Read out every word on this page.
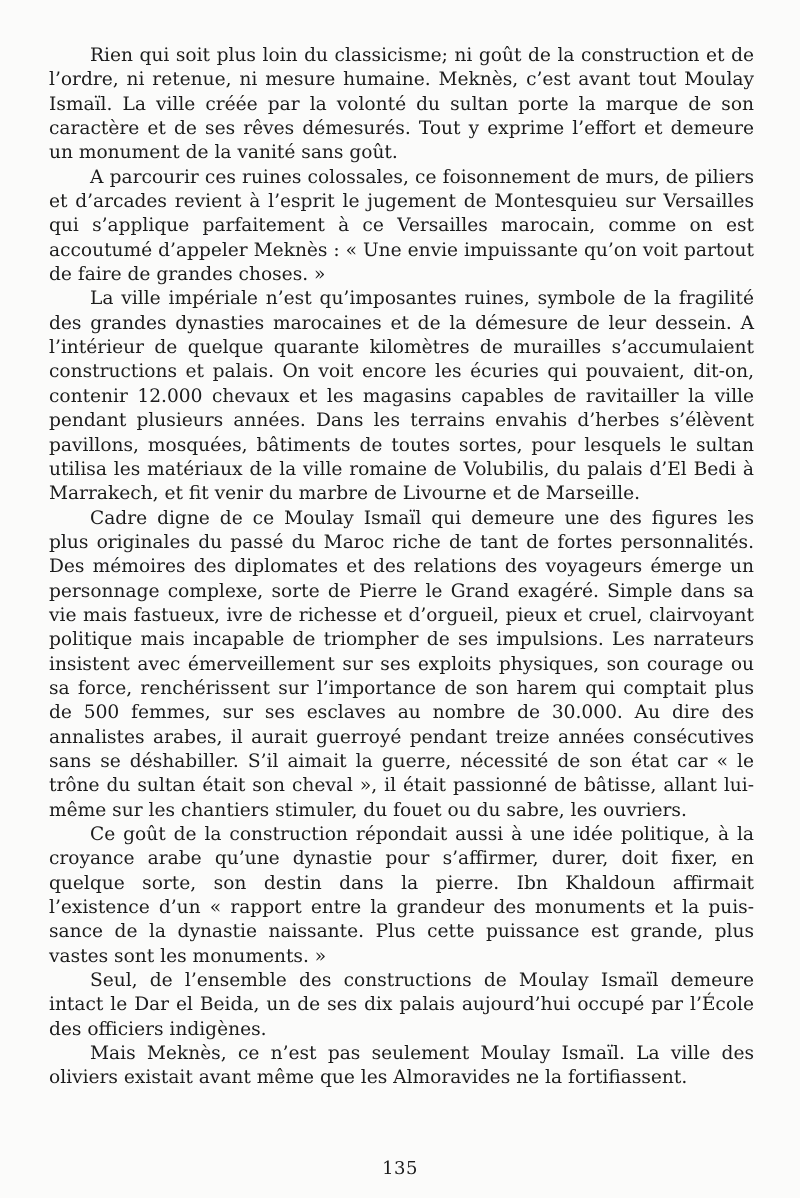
Rien qui soit plus loin du classicisme; ni goût de la construction et de l’ordre, ni retenue, ni mesure humaine. Meknès, c’est avant tout Moulay Ismaïl. La ville créée par la volonté du sultan porte la marque de son caractère et de ses rêves démesurés. Tout y exprime l’effort et demeure un monument de la vanité sans goût.

A parcourir ces ruines colossales, ce foisonnement de murs, de piliers et d’arcades revient à l’esprit le jugement de Montesquieu sur Versailles qui s’applique parfaitement à ce Versailles marocain, comme on est accoutumé d’appeler Meknès : « Une envie impuissante qu’on voit partout de faire de grandes choses. »

La ville impériale n’est qu’imposantes ruines, symbole de la fragilité des grandes dynasties marocaines et de la démesure de leur dessein. A l’intérieur de quelque quarante kilomètres de murailles s’accumulaient constructions et palais. On voit encore les écuries qui pouvaient, dit-on, contenir 12.000 chevaux et les magasins capables de ravitailler la ville pendant plusieurs années. Dans les terrains envahis d’herbes s’élèvent pavillons, mosquées, bâtiments de toutes sortes, pour lesquels le sultan utilisa les matériaux de la ville romaine de Volubilis, du palais d’El Bedi à Marrakech, et fit venir du marbre de Livourne et de Marseille.

Cadre digne de ce Moulay Ismaïl qui demeure une des figures les plus originales du passé du Maroc riche de tant de fortes personnalités. Des mémoires des diplomates et des relations des voyageurs émerge un personnage complexe, sorte de Pierre le Grand exagéré. Simple dans sa vie mais fastueux, ivre de richesse et d’orgueil, pieux et cruel, clairvoyant politique mais incapable de triompher de ses impulsions. Les narrateurs insistent avec émerveillement sur ses exploits physiques, son courage ou sa force, renchérissent sur l’importance de son harem qui comptait plus de 500 femmes, sur ses esclaves au nombre de 30.000. Au dire des annalistes arabes, il aurait guerroyé pendant treize années consécutives sans se déshabiller. S’il aimait la guerre, nécessité de son état car « le trône du sultan était son cheval », il était passionné de bâtisse, allant lui-même sur les chantiers stimuler, du fouet ou du sabre, les ouvriers.

Ce goût de la construction répondait aussi à une idée politique, à la croyance arabe qu’une dynastie pour s’affirmer, durer, doit fixer, en quelque sorte, son destin dans la pierre. Ibn Khaldoun affirmait l’existence d’un « rapport entre la grandeur des monuments et la puissance de la dynastie naissante. Plus cette puissance est grande, plus vastes sont les monuments. »

Seul, de l’ensemble des constructions de Moulay Ismaïl demeure intact le Dar el Beida, un de ses dix palais aujourd’hui occupé par l’École des officiers indigènes.

Mais Meknès, ce n’est pas seulement Moulay Ismaïl. La ville des oliviers existait avant même que les Almoravides ne la fortifiassent.

135
